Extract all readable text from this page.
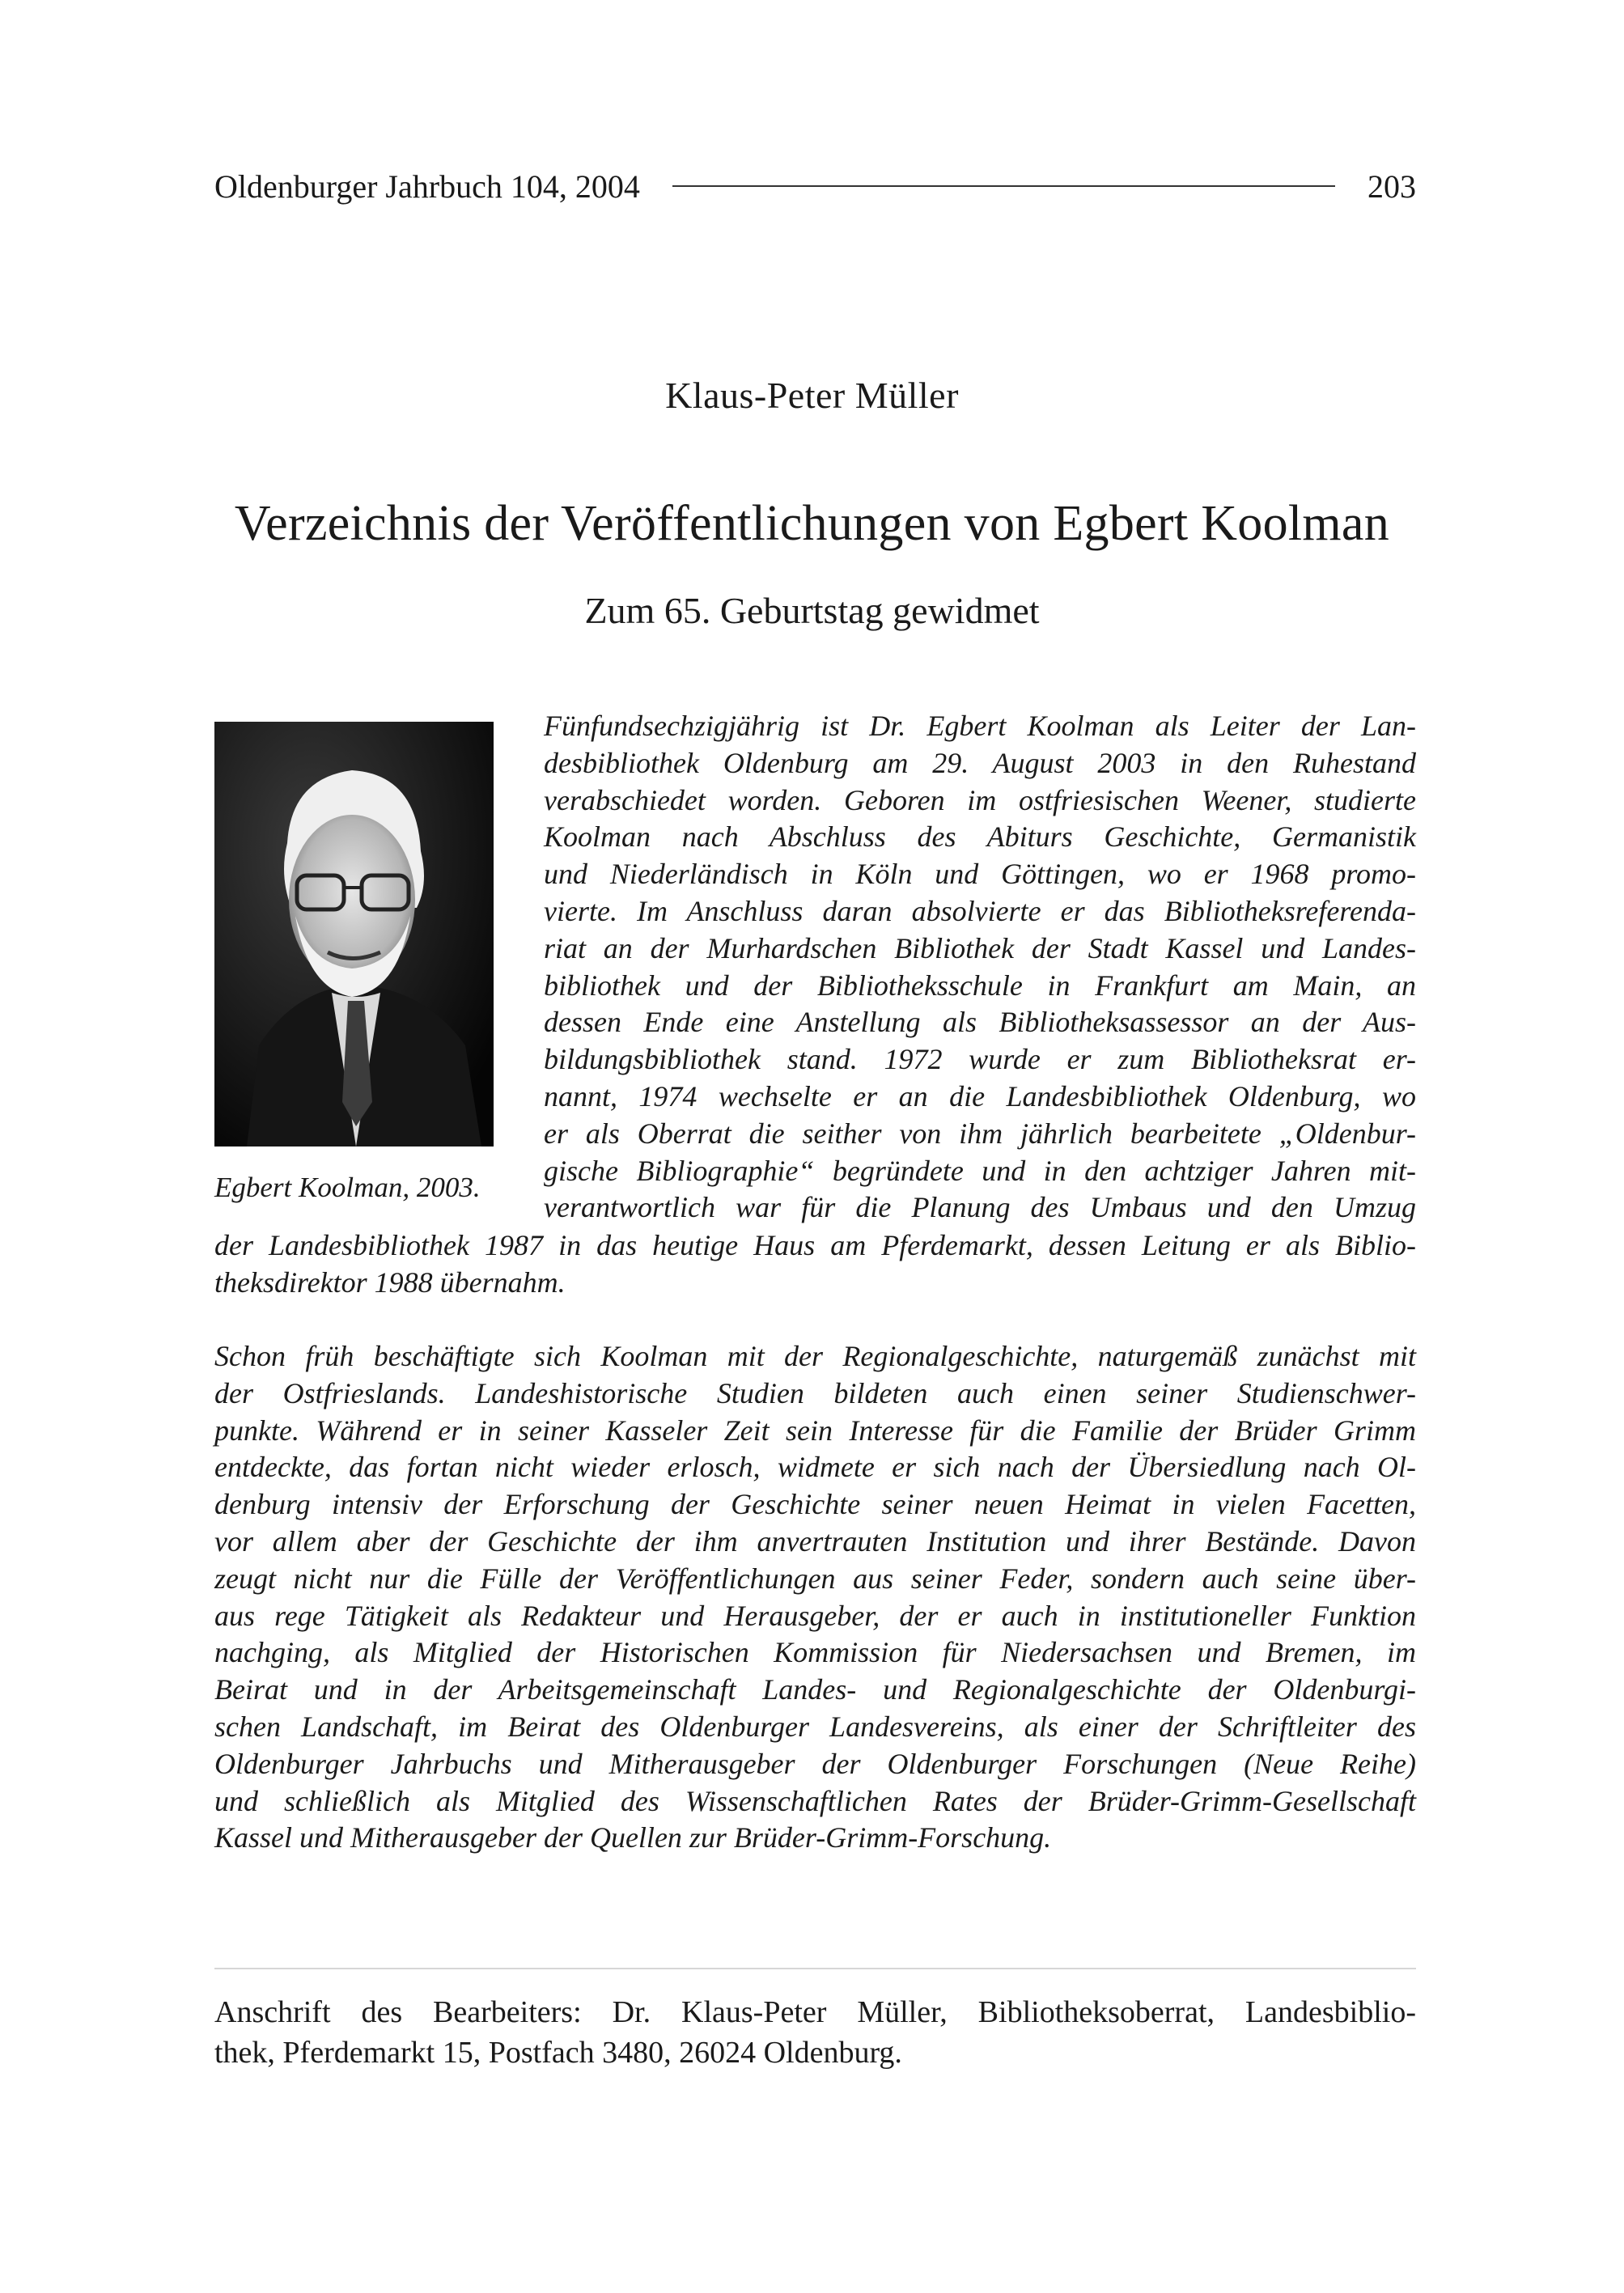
Oldenburger Jahrbuch 104, 2004	203
Klaus-Peter Müller
Verzeichnis der Veröffentlichungen von Egbert Koolman
Zum 65. Geburtstag gewidmet
Egbert Koolman, 2003.
Fünfundsechzigjährig ist Dr. Egbert Koolman als Leiter der Lan-
desbibliothek Oldenburg am 29. August 2003 in den Ruhestand
verabschiedet worden. Geboren im ostfriesischen Weener, studierte
Koolman nach Abschluss des Abiturs Geschichte, Germanistik
und Niederländisch in Köln und Göttingen, wo er 1968 promo-
vierte. Im Anschluss daran absolvierte er das Bibliotheksreferenda-
riat an der Murhardschen Bibliothek der Stadt Kassel und Landes-
bibliothek und der Bibliotheksschule in Frankfurt am Main, an
dessen Ende eine Anstellung als Bibliotheksassessor an der Aus-
bildungsbibliothek stand. 1972 wurde er zum Bibliotheksrat er-
nannt, 1974 wechselte er an die Landesbibliothek Oldenburg, wo
er als Oberrat die seither von ihm jährlich bearbeitete „Oldenbur-
gische Bibliographie“ begründete und in den achtziger Jahren mit-
verantwortlich war für die Planung des Umbaus und den Umzug
der Landesbibliothek 1987 in das heutige Haus am Pferdemarkt, dessen Leitung er als Biblio-
theksdirektor 1988 übernahm.
Schon früh beschäftigte sich Koolman mit der Regionalgeschichte, naturgemäß zunächst mit
der Ostfrieslands. Landeshistorische Studien bildeten auch einen seiner Studienschwer-
punkte. Während er in seiner Kasseler Zeit sein Interesse für die Familie der Brüder Grimm
entdeckte, das fortan nicht wieder erlosch, widmete er sich nach der Übersiedlung nach Ol-
denburg intensiv der Erforschung der Geschichte seiner neuen Heimat in vielen Facetten,
vor allem aber der Geschichte der ihm anvertrauten Institution und ihrer Bestände. Davon
zeugt nicht nur die Fülle der Veröffentlichungen aus seiner Feder, sondern auch seine über-
aus rege Tätigkeit als Redakteur und Herausgeber, der er auch in institutioneller Funktion
nachging, als Mitglied der Historischen Kommission für Niedersachsen und Bremen, im
Beirat und in der Arbeitsgemeinschaft Landes- und Regionalgeschichte der Oldenburgi-
schen Landschaft, im Beirat des Oldenburger Landesvereins, als einer der Schriftleiter des
Oldenburger Jahrbuchs und Mitherausgeber der Oldenburger Forschungen (Neue Reihe)
und schließlich als Mitglied des Wissenschaftlichen Rates der Brüder-Grimm-Gesellschaft
Kassel und Mitherausgeber der Quellen zur Brüder-Grimm-Forschung.
Anschrift des Bearbeiters: Dr. Klaus-Peter Müller, Bibliotheksoberrat, Landesbiblio-
thek, Pferdemarkt 15, Postfach 3480, 26024 Oldenburg.
